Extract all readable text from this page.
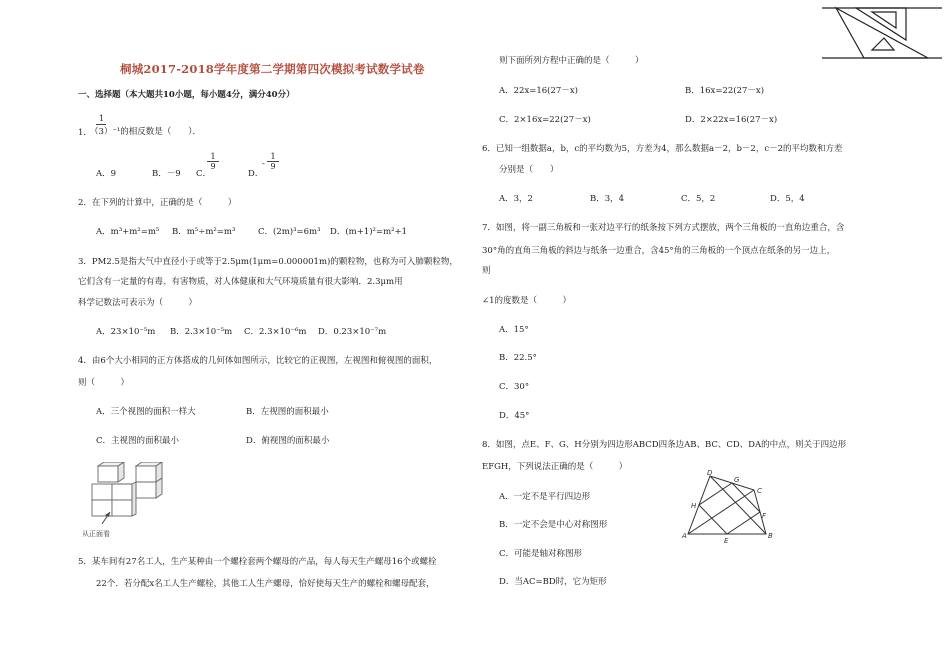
桐城2017-2018学年度第二学期第四次模拟考试数学试卷
一、选择题（本大题共10小题，每小题4分，满分40分）
1
1．
（3）⁻¹的相反数是（　　）．
A．9	B．－9 C．
$\frac{1}{9}$
D．
- $\frac{1}{9}$
2．在下列的计算中，正确的是（　　　）
A．m³+m²=m⁵ B．m⁵÷m²=m³	C．(2m)³=6m³ D．(m+1)²=m²+1
3．PM2.5是指大气中直径小于或等于2.5μm(1μm=0.000001m)的颗粒物，也称为可入肺颗粒物，
它们含有一定量的有毒、有害物质，对人体健康和大气环境质量有很大影响．2.3μm用
科学记数法可表示为（　　　）
A．23×10⁻⁵m B．2.3×10⁻⁵m C．2.3×10⁻⁶m D．0.23×10⁻⁷m
4．由6个大小相同的正方体搭成的几何体如图所示，比较它的正视图，左视图和俯视图的面积，
则（　　　）
A．三个视图的面积一样大	B．左视图的面积最小
C．主视图的面积最小	D．俯视图的面积最小
从正面看
5．某车间有27名工人，生产某种由一个螺栓套两个螺母的产品，每人每天生产螺母16个或螺栓
22个．若分配x名工人生产螺栓，其他工人生产螺母，恰好使每天生产的螺栓和螺母配套，
则下面所列方程中正确的是（　　　）
A．22x=16(27－x)	B．16x=22(27－x)
C．2×16x=22(27－x)	D．2×22x=16(27－x)
6．已知一组数据a，b，c的平均数为5，方差为4，那么数据a－2，b－2，c－2的平均数和方差
分别是（　　）
A．3，2	B．3，4	C．5，2	D．5，4
7．如图，将一副三角板和一张对边平行的纸条按下列方式摆放，两个三角板的一直角边重合，含
30°角的直角三角板的斜边与纸条一边重合，含45°角的三角板的一个顶点在纸条的另一边上，
则
∠1的度数是（　　　）
A．15°
B．22.5°
C．30°
D．45°
8．如图，点E、F、G、H分别为四边形ABCD四条边AB、BC、CD、DA的中点，则关于四边形
EFGH，下列说法正确的是（　　　）
A．一定不是平行四边形
B．一定不会是中心对称图形
C．可能是轴对称图形
D．当AC=BD时，它为矩形
D
G
C
H
F
A
E
B
